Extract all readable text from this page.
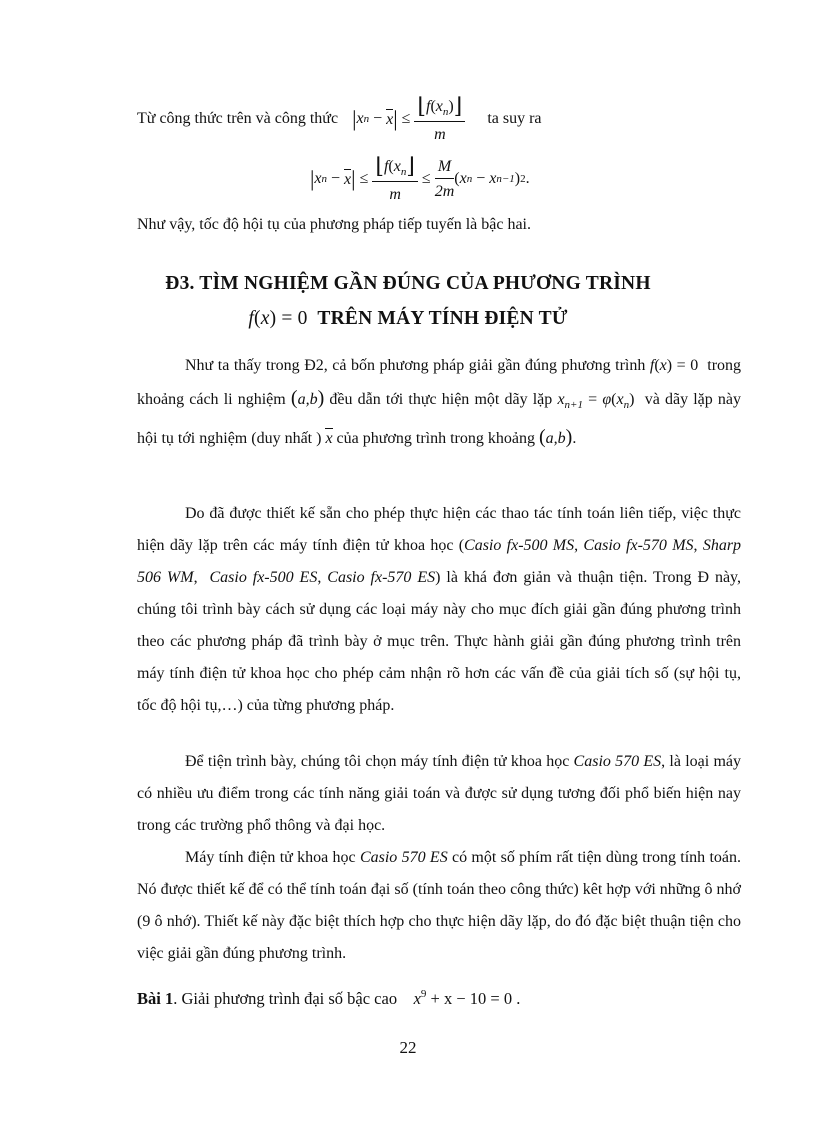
Từ công thức trên và công thức | x n
−
x |
≤
$\frac{⌊f(x_n)⌋}{m}$ ta suy ra
| x n
−
x |
≤
$\frac{⌊f(x_n⌋}{m}$
≤
$\frac{M}{2m}$ ( x n
−
x n−1 ) 2 .
Như vậy, tốc độ hội tụ của phương pháp tiếp tuyến là bậc hai.
Đ3. TÌM NGHIỆM GẦN ĐÚNG CỦA PHƯƠNG TRÌNH
f(x) = 0 TRÊN MÁY TÍNH ĐIỆN TỬ

Như ta thấy trong Đ2, cả bốn phương pháp giải gần đúng phương trình f(x) = 0 trong khoảng cách li nghiệm (a,b) đều dẫn tới thực hiện một dãy lặp $x_{n+1} = \varphi(x_n)$  và dãy lặp này hội tụ tới nghiệm (duy nhất ) x của phương trình trong khoảng (a,b).

Do đã được thiết kế sẵn cho phép thực hiện các thao tác tính toán liên tiếp, việc thực hiện dãy lặp trên các máy tính điện tử khoa học (Casio fx-500 MS, Casio fx-570 MS, Sharp 506 WM,  Casio fx-500 ES, Casio fx-570 ES) là khá đơn giản và thuận tiện. Trong Đ này, chúng tôi trình bày cách sử dụng các loại máy này cho mục đích giải gần đúng phương trình theo các phương pháp đã trình bày ở mục trên. Thực hành giải gần đúng phương trình trên máy tính điện tử khoa học cho phép cảm nhận rõ hơn các vấn đề của giải tích số (sự hội tụ, tốc độ hội tụ,…) của từng phương pháp.

Để tiện trình bày, chúng tôi chọn máy tính điện tử khoa học Casio 570 ES, là loại máy có nhiều ưu điểm trong các tính năng giải toán và được sử dụng tương đối phổ biến hiện nay trong các trường phổ thông và đại học.

Máy tính điện tử khoa học Casio 570 ES có một số phím rất tiện dùng trong tính toán. Nó được thiết kế để có thể tính toán đại số (tính toán theo công thức) kêt hợp với những ô nhớ (9 ô nhớ). Thiết kế này đặc biệt thích hợp cho thực hiện dãy lặp, do đó đặc biệt thuận tiện cho việc giải gần đúng phương trình.

Bài 1. Giải phương trình đại số bậc cao $x^9 + x - 10 = 0$ .
22
